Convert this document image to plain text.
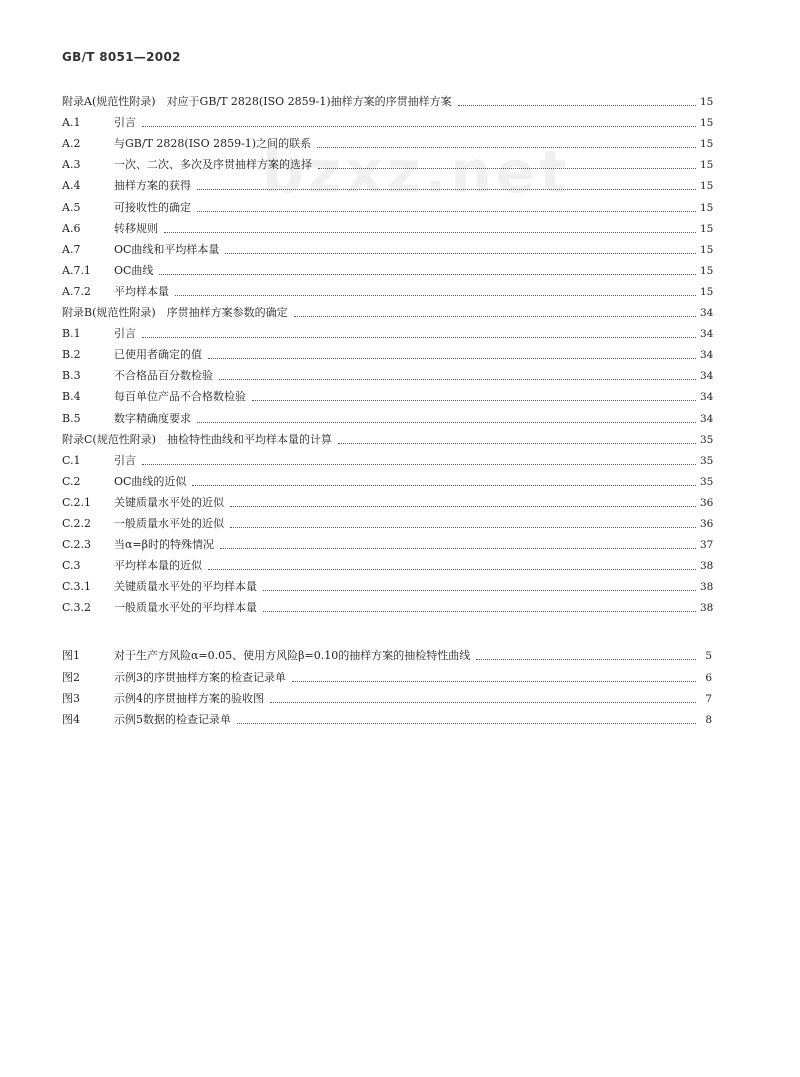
GB/T 8051—2002
bzxz.net
附录A(规范性附录)　对应于GB/T 2828(ISO 2859-1)抽样方案的序贯抽样方案	15
A.1	引言	15
A.2	与GB/T 2828(ISO 2859-1)之间的联系	15
A.3	一次、二次、多次及序贯抽样方案的选择	15
A.4	抽样方案的获得	15
A.5	可接收性的确定	15
A.6	转移规则	15
A.7	OC曲线和平均样本量	15
A.7.1	OC曲线	15
A.7.2	平均样本量	15
附录B(规范性附录)　序贯抽样方案参数的确定	34
B.1	引言	34
B.2	已使用者确定的值	34
B.3	不合格品百分数检验	34
B.4	每百单位产品不合格数检验	34
B.5	数字精确度要求	34
附录C(规范性附录)　抽检特性曲线和平均样本量的计算	35
C.1	引言	35
C.2	OC曲线的近似	35
C.2.1	关键质量水平处的近似	36
C.2.2	一般质量水平处的近似	36
C.2.3	当α=β时的特殊情况	37
C.3	平均样本量的近似	38
C.3.1	关键质量水平处的平均样本量	38
C.3.2	一般质量水平处的平均样本量	38
图1	对于生产方风险α=0.05、使用方风险β=0.10的抽样方案的抽检特性曲线	5
图2	示例3的序贯抽样方案的检查记录单	6
图3	示例4的序贯抽样方案的验收图	7
图4	示例5数据的检查记录单	8
